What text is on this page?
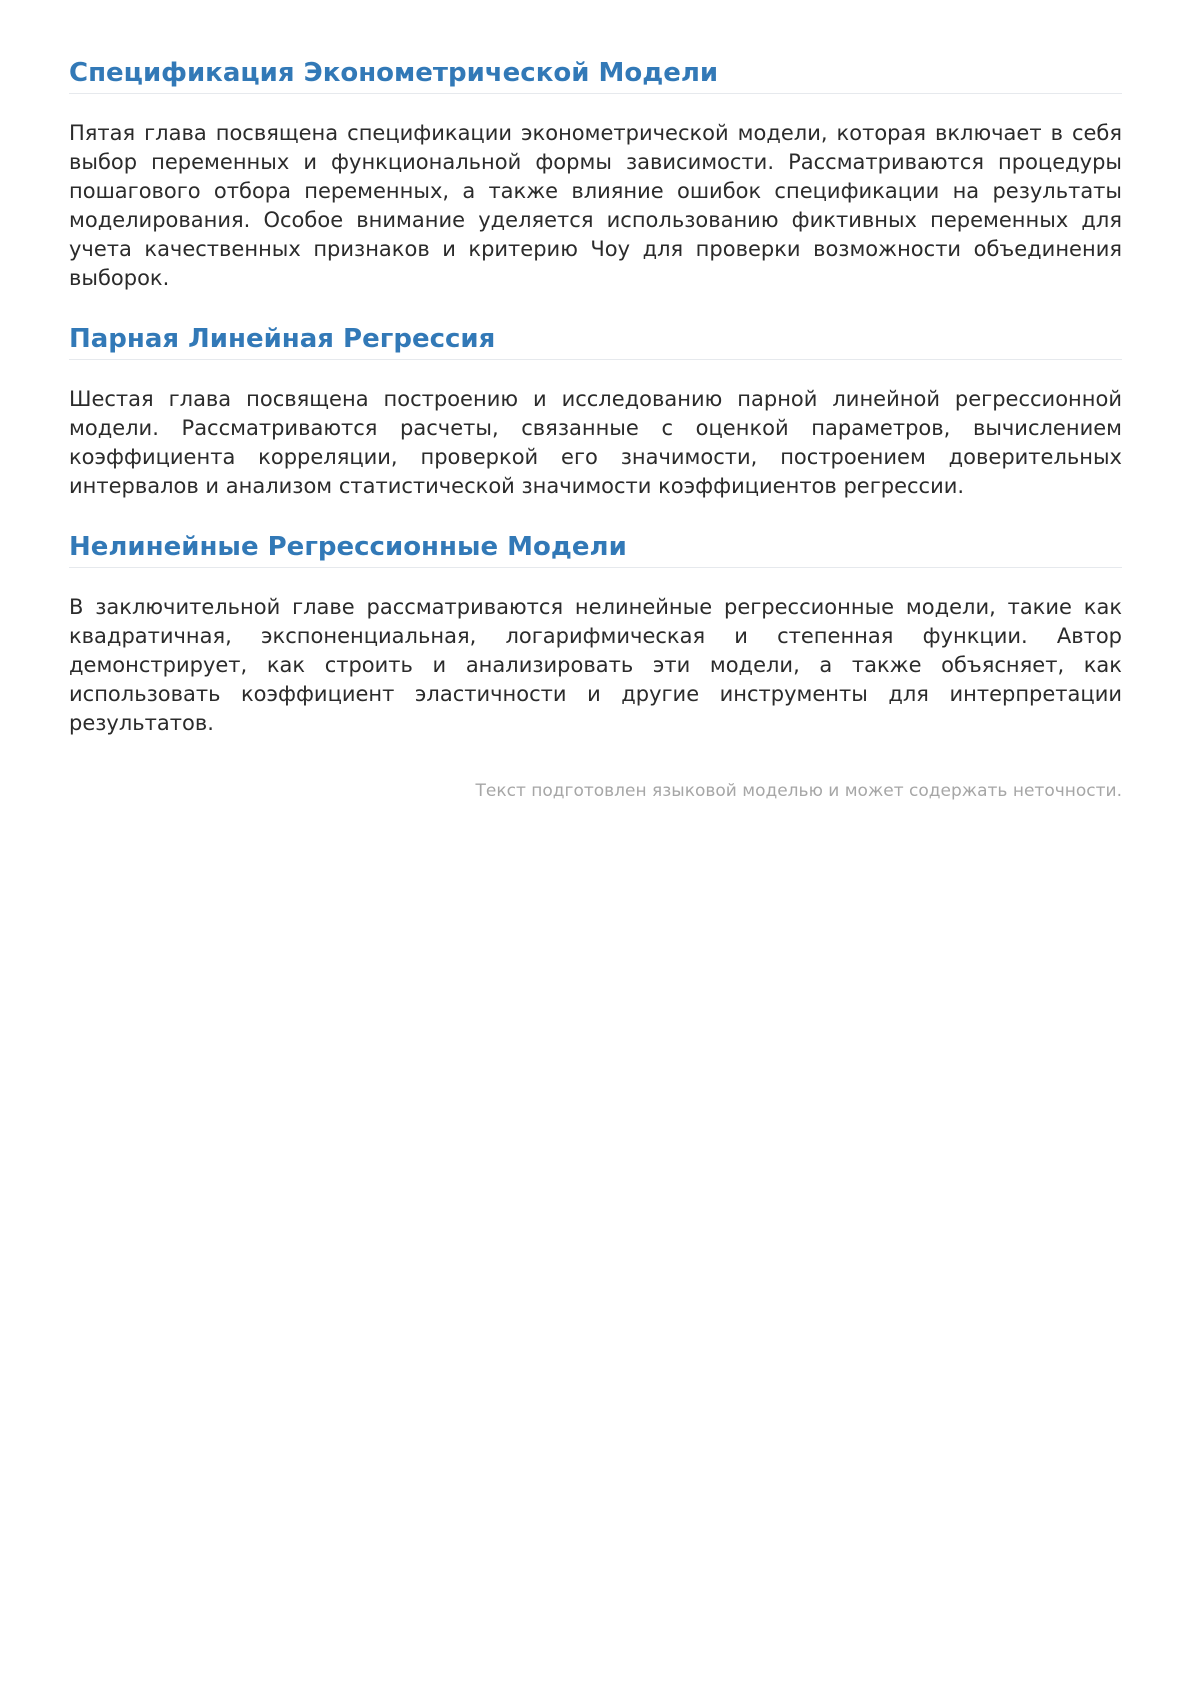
Спецификация Эконометрической Модели

Пятая глава посвящена спецификации эконометрической модели, которая включает в себя выбор переменных и функциональной формы зависимости. Рассматриваются процедуры пошагового отбора переменных, а также влияние ошибок спецификации на результаты моделирования. Особое внимание уделяется использованию фиктивных переменных для учета качественных признаков и критерию Чоу для проверки возможности объединения выборок.

Парная Линейная Регрессия

Шестая глава посвящена построению и исследованию парной линейной регрессионной модели. Рассматриваются расчеты, связанные с оценкой параметров, вычислением коэффициента корреляции, проверкой его значимости, построением доверительных интервалов и анализом статистической значимости коэффициентов регрессии.

Нелинейные Регрессионные Модели

В заключительной главе рассматриваются нелинейные регрессионные модели, такие как квадратичная, экспоненциальная, логарифмическая и степенная функции. Автор демонстрирует, как строить и анализировать эти модели, а также объясняет, как использовать коэффициент эластичности и другие инструменты для интерпретации результатов.

Текст подготовлен языковой моделью и может содержать неточности.
